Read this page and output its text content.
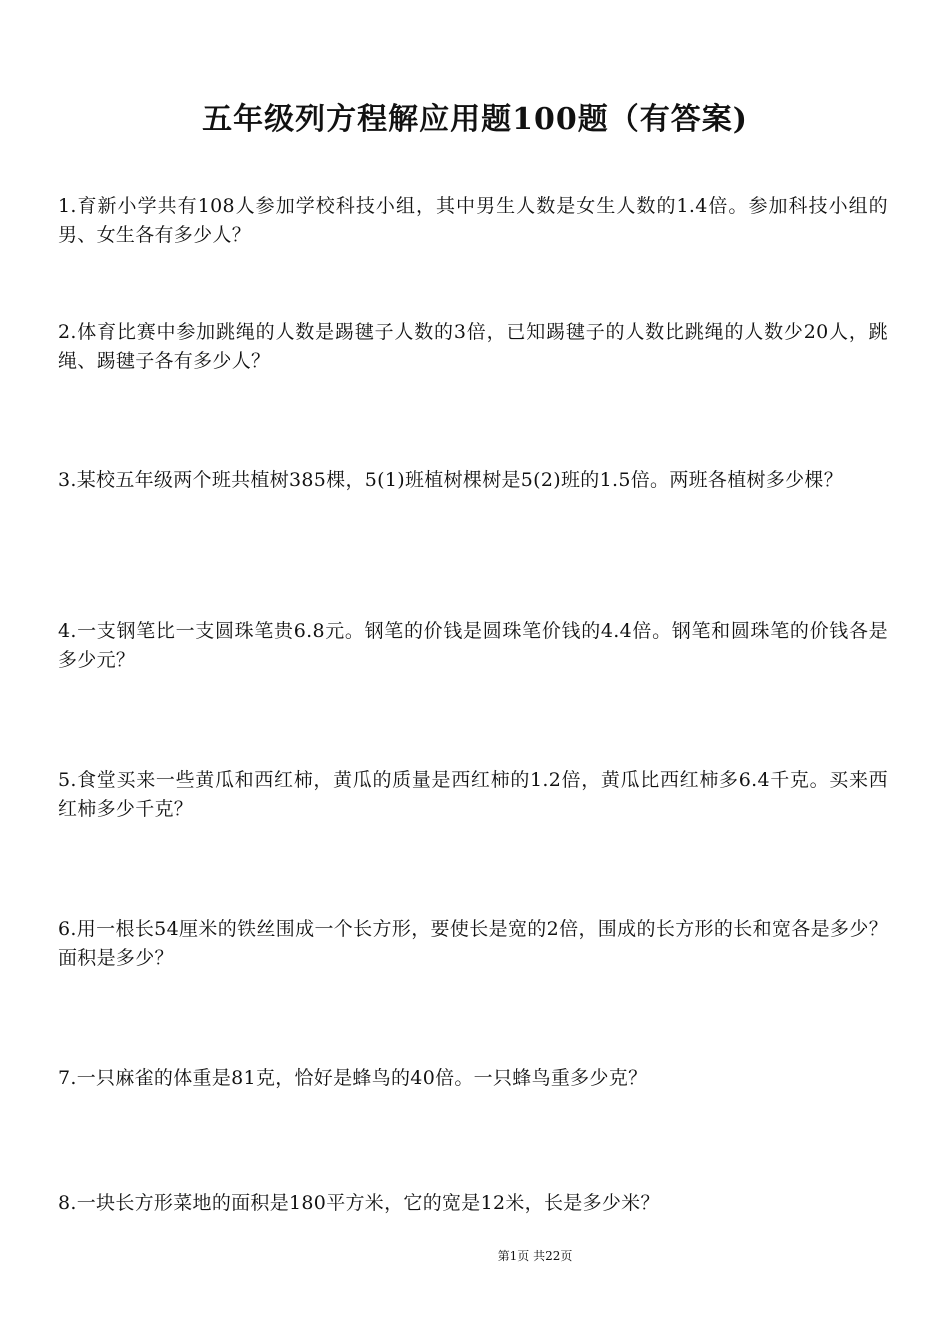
五年级列方程解应用题100题（有答案)
1.育新小学共有108人参加学校科技小组，其中男生人数是女生人数的1.4倍。参加科技小组的男、女生各有多少人？
2.体育比赛中参加跳绳的人数是踢毽子人数的3倍，已知踢毽子的人数比跳绳的人数少20人，跳绳、踢毽子各有多少人？
3.某校五年级两个班共植树385棵，5(1)班植树棵树是5(2)班的1.5倍。两班各植树多少棵？
4.一支钢笔比一支圆珠笔贵6.8元。钢笔的价钱是圆珠笔价钱的4.4倍。钢笔和圆珠笔的价钱各是多少元？
5.食堂买来一些黄瓜和西红柿，黄瓜的质量是西红柿的1.2倍，黄瓜比西红柿多6.4千克。买来西红柿多少千克？
6.用一根长54厘米的铁丝围成一个长方形，要使长是宽的2倍，围成的长方形的长和宽各是多少？面积是多少？
7.一只麻雀的体重是81克，恰好是蜂鸟的40倍。一只蜂鸟重多少克？
8.一块长方形菜地的面积是180平方米，它的宽是12米，长是多少米？
第1页 共22页
